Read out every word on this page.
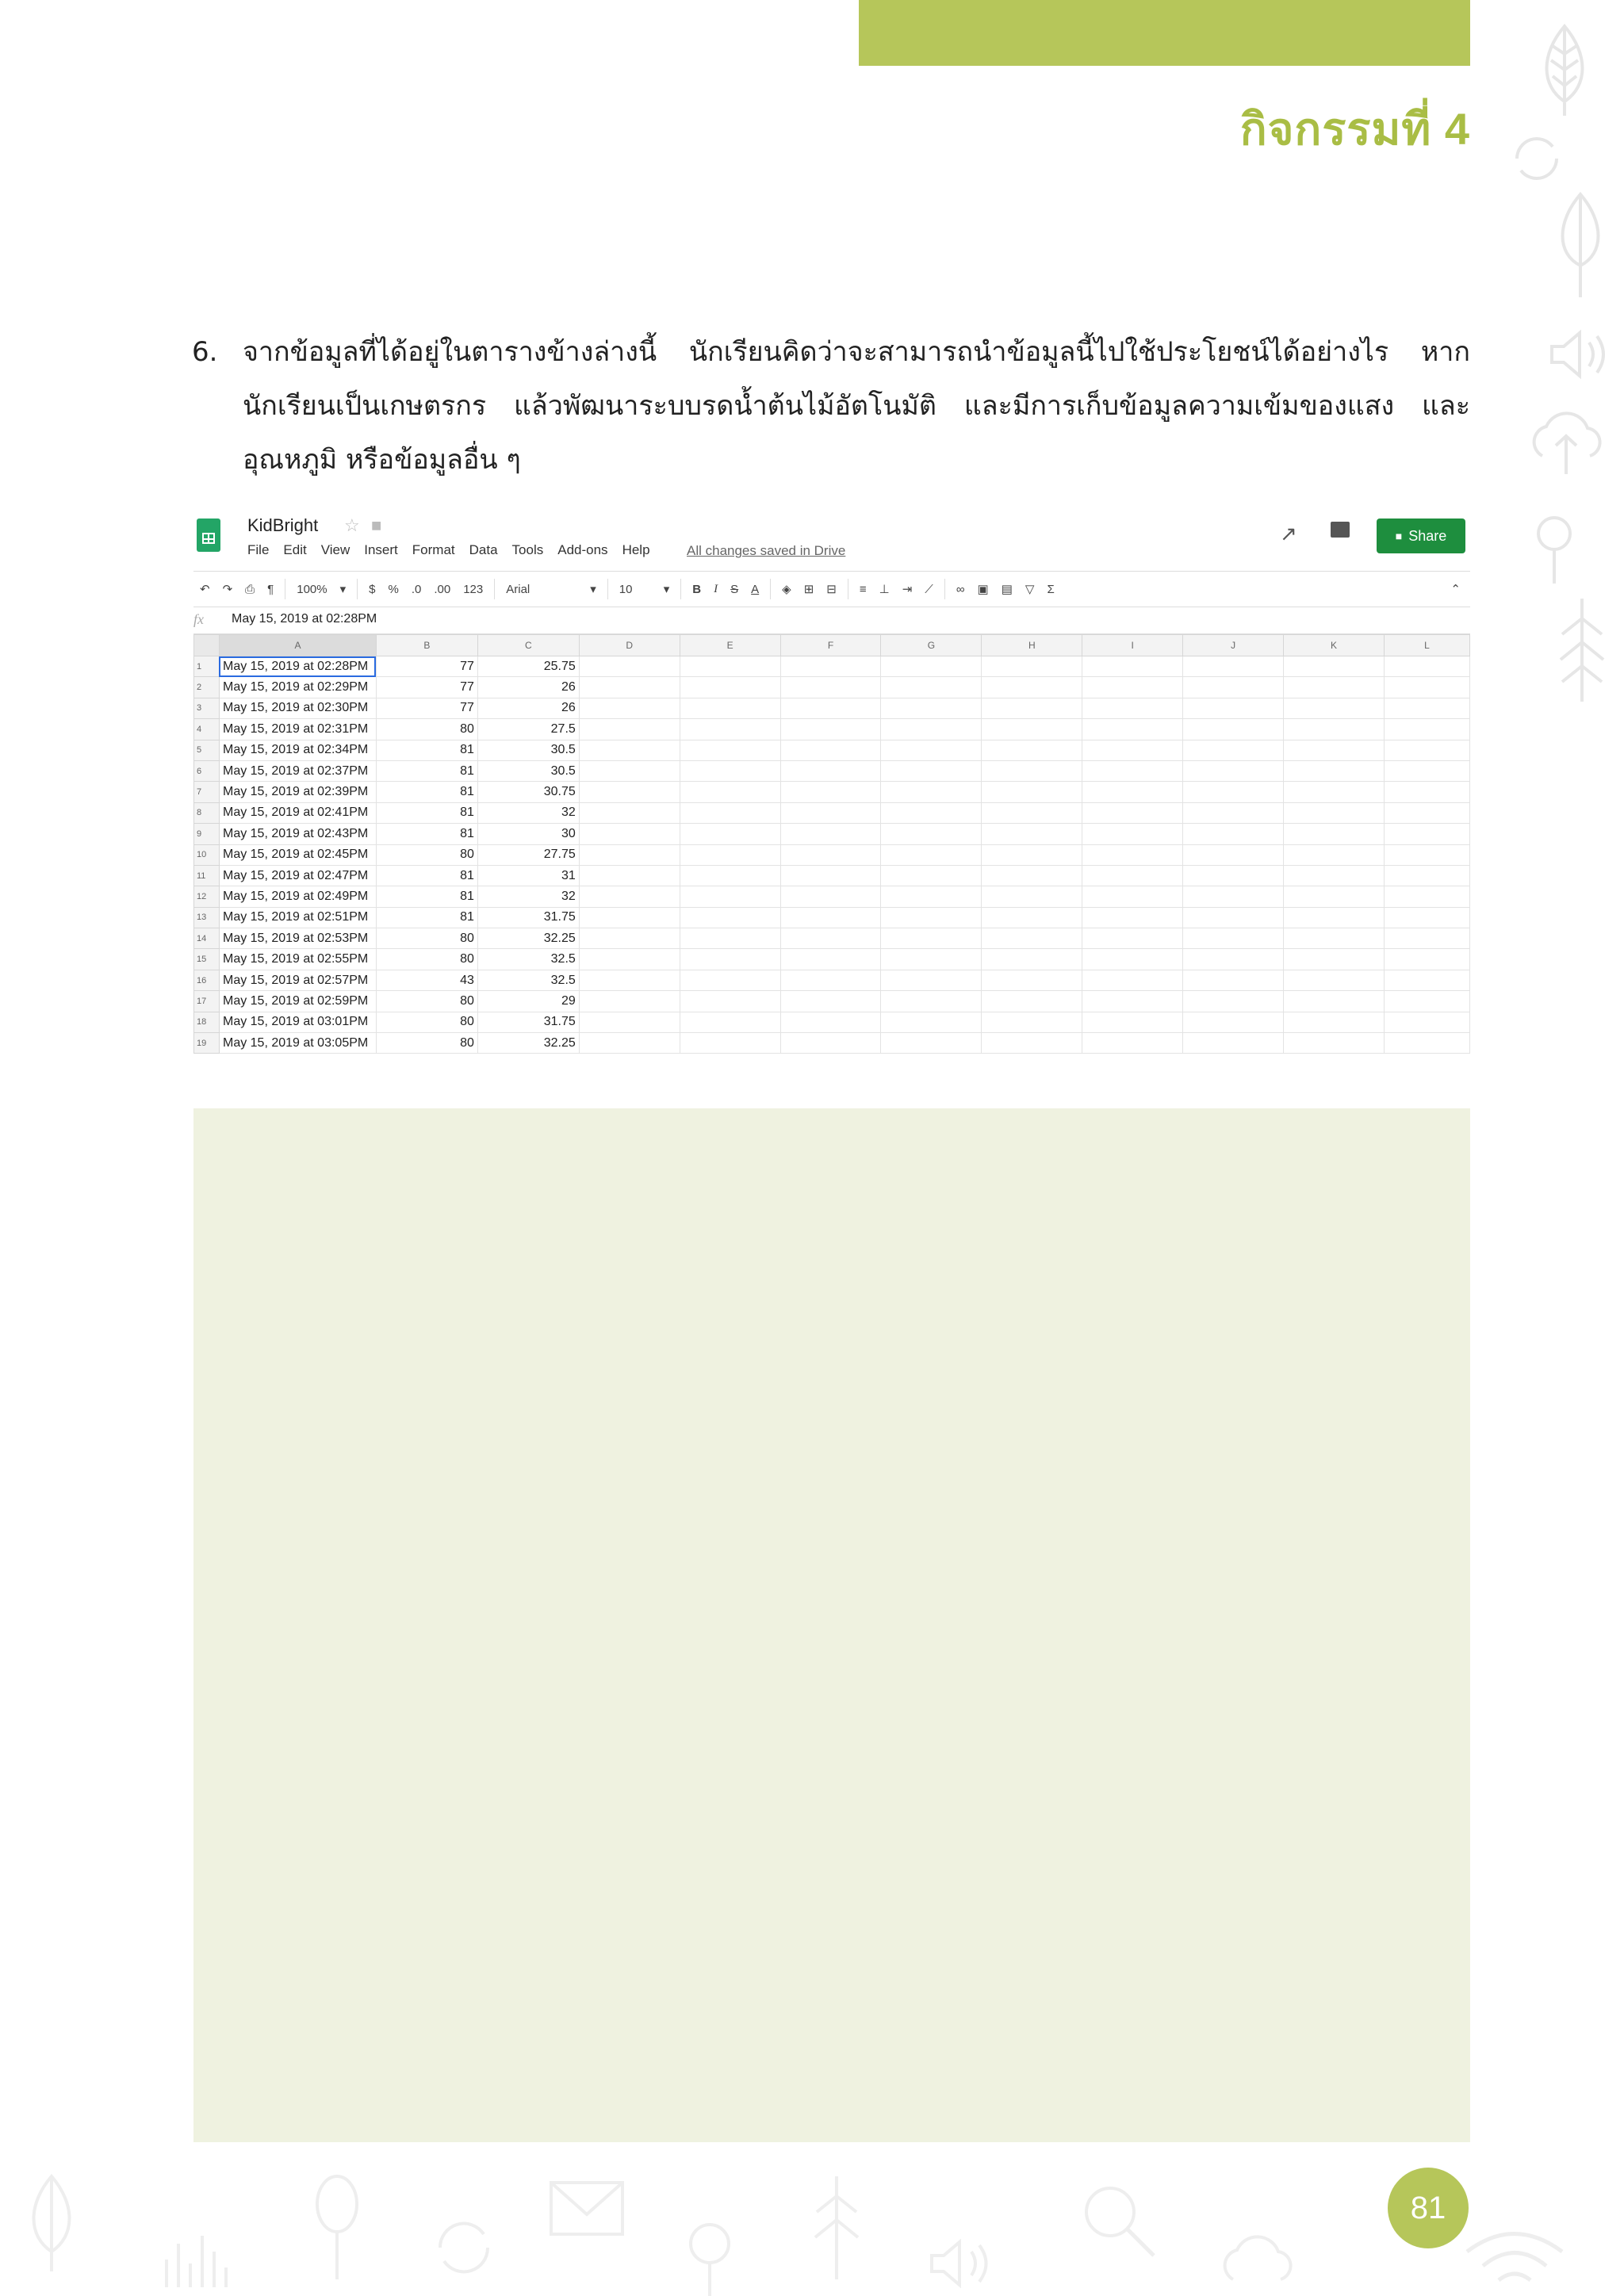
กิจกรรมที่ 4
6. จากข้อมูลที่ได้อยู่ในตารางข้างล่างนี้ นักเรียนคิดว่าจะสามารถนำข้อมูลนี้ไปใช้ประโยชน์ได้อย่างไร หากนักเรียนเป็นเกษตรกร แล้วพัฒนาระบบรดน้ำต้นไม้อัตโนมัติ และมีการเก็บข้อมูลความเข้มของแสง และอุณหภูมิ หรือข้อมูลอื่น ๆ
KidBright ☆ ■
File Edit View Insert Format Data Tools Add-ons Help	All changes saved in Drive
↗	■ Share
↶ ↷ ⎙ ¶ 100% ▾ $ % .0 .00 123 Arial	▾ 10	▾ B I S A ◈ ⊞ ⊟ ≡ ⊥ ⇥ ⟋ ∞ ▣ ▤ ▽ Σ	⌃
fx May 15, 2019 at 02:28PM
	A	B	C	D	E	F	G	H	I	J	K	L
1	May 15, 2019 at 02:28PM	77	25.75									
2	May 15, 2019 at 02:29PM	77	26									
3	May 15, 2019 at 02:30PM	77	26									
4	May 15, 2019 at 02:31PM	80	27.5									
5	May 15, 2019 at 02:34PM	81	30.5									
6	May 15, 2019 at 02:37PM	81	30.5									
7	May 15, 2019 at 02:39PM	81	30.75									
8	May 15, 2019 at 02:41PM	81	32									
9	May 15, 2019 at 02:43PM	81	30									
10	May 15, 2019 at 02:45PM	80	27.75									
11	May 15, 2019 at 02:47PM	81	31									
12	May 15, 2019 at 02:49PM	81	32									
13	May 15, 2019 at 02:51PM	81	31.75									
14	May 15, 2019 at 02:53PM	80	32.25									
15	May 15, 2019 at 02:55PM	80	32.5									
16	May 15, 2019 at 02:57PM	43	32.5									
17	May 15, 2019 at 02:59PM	80	29									
18	May 15, 2019 at 03:01PM	80	31.75									
19	May 15, 2019 at 03:05PM	80	32.25									
81
